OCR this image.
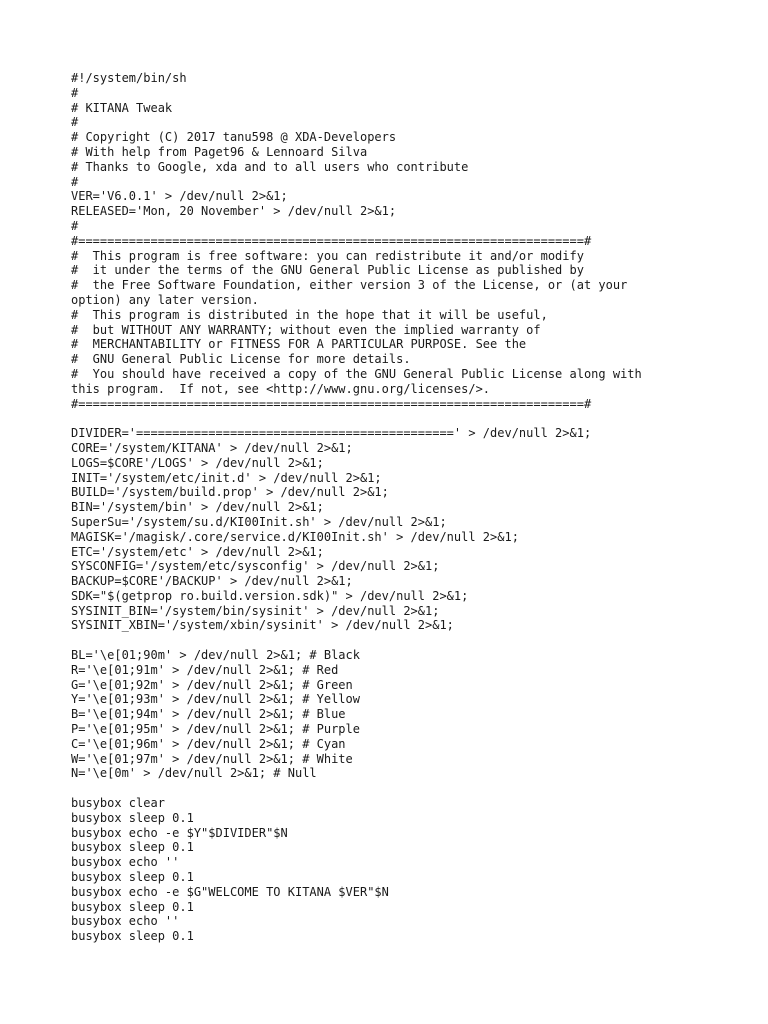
#!/system/bin/sh
#
# KITANA Tweak
#
# Copyright (C) 2017 tanu598 @ XDA-Developers
# With help from Paget96 & Lennoard Silva
# Thanks to Google, xda and to all users who contribute
#
VER='V6.0.1' > /dev/null 2>&1;
RELEASED='Mon, 20 November' > /dev/null 2>&1;
#
#======================================================================#
#  This program is free software: you can redistribute it and/or modify
#  it under the terms of the GNU General Public License as published by
#  the Free Software Foundation, either version 3 of the License, or (at your
option) any later version.
#  This program is distributed in the hope that it will be useful,
#  but WITHOUT ANY WARRANTY; without even the implied warranty of
#  MERCHANTABILITY or FITNESS FOR A PARTICULAR PURPOSE. See the
#  GNU General Public License for more details.
#  You should have received a copy of the GNU General Public License along with
this program.  If not, see <http://www.gnu.org/licenses/>.
#======================================================================#
DIVIDER='============================================' > /dev/null 2>&1;
CORE='/system/KITANA' > /dev/null 2>&1;
LOGS=$CORE'/LOGS' > /dev/null 2>&1;
INIT='/system/etc/init.d' > /dev/null 2>&1;
BUILD='/system/build.prop' > /dev/null 2>&1;
BIN='/system/bin' > /dev/null 2>&1;
SuperSu='/system/su.d/KI00Init.sh' > /dev/null 2>&1;
MAGISK='/magisk/.core/service.d/KI00Init.sh' > /dev/null 2>&1;
ETC='/system/etc' > /dev/null 2>&1;
SYSCONFIG='/system/etc/sysconfig' > /dev/null 2>&1;
BACKUP=$CORE'/BACKUP' > /dev/null 2>&1;
SDK="$(getprop ro.build.version.sdk)" > /dev/null 2>&1;
SYSINIT_BIN='/system/bin/sysinit' > /dev/null 2>&1;
SYSINIT_XBIN='/system/xbin/sysinit' > /dev/null 2>&1;
BL='\e[01;90m' > /dev/null 2>&1; # Black
R='\e[01;91m' > /dev/null 2>&1; # Red
G='\e[01;92m' > /dev/null 2>&1; # Green
Y='\e[01;93m' > /dev/null 2>&1; # Yellow
B='\e[01;94m' > /dev/null 2>&1; # Blue
P='\e[01;95m' > /dev/null 2>&1; # Purple
C='\e[01;96m' > /dev/null 2>&1; # Cyan
W='\e[01;97m' > /dev/null 2>&1; # White
N='\e[0m' > /dev/null 2>&1; # Null
busybox clear
busybox sleep 0.1
busybox echo -e $Y"$DIVIDER"$N
busybox sleep 0.1
busybox echo ''
busybox sleep 0.1
busybox echo -e $G"WELCOME TO KITANA $VER"$N
busybox sleep 0.1
busybox echo ''
busybox sleep 0.1
